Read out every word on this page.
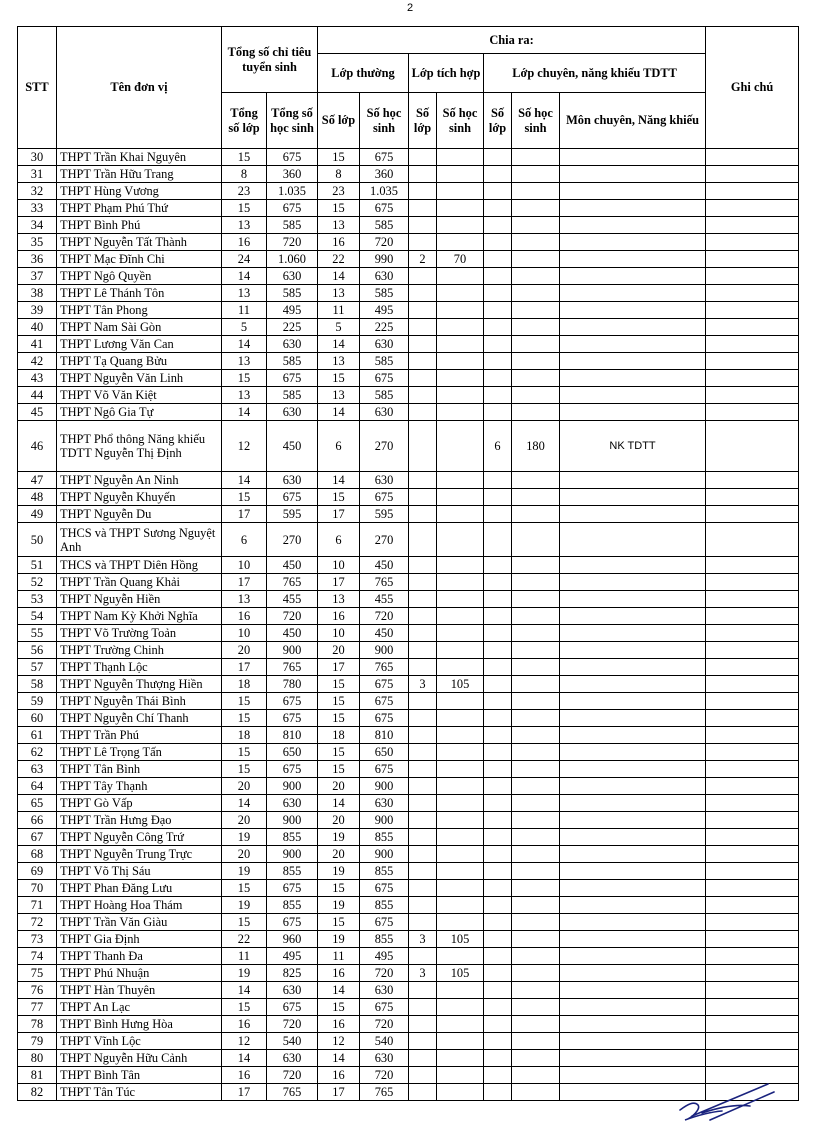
2
STT	Tên đơn vị	Tổng số chỉ tiêu tuyển sinh		Chia ra:							Ghi chú
				Lớp thường		Lớp tích hợp		Lớp chuyên, năng khiếu TDTT			
		Tổng số lớp	Tổng số học sinh	Số lớp	Số học sinh	Số lớp	Số học sinh	Số lớp	Số học sinh	Môn chuyên, Năng khiếu	
30	THPT Trần Khai Nguyên	15	675	15	675						
31	THPT Trần Hữu Trang	8	360	8	360						
32	THPT Hùng Vương	23	1.035	23	1.035						
33	THPT Phạm Phú Thứ	15	675	15	675						
34	THPT Bình Phú	13	585	13	585						
35	THPT Nguyễn Tất Thành	16	720	16	720						
36	THPT Mạc Đĩnh Chi	24	1.060	22	990	2	70				
37	THPT Ngô Quyền	14	630	14	630						
38	THPT Lê Thánh Tôn	13	585	13	585						
39	THPT Tân Phong	11	495	11	495						
40	THPT Nam Sài Gòn	5	225	5	225						
41	THPT Lương Văn Can	14	630	14	630						
42	THPT Tạ Quang Bửu	13	585	13	585						
43	THPT Nguyễn Văn Linh	15	675	15	675						
44	THPT Võ Văn Kiệt	13	585	13	585						
45	THPT Ngô Gia Tự	14	630	14	630						
46	THPT Phổ thông Năng khiếu TDTT Nguyễn Thị Định	12	450	6	270			6	180	NK TDTT	
47	THPT Nguyễn An Ninh	14	630	14	630						
48	THPT Nguyễn Khuyến	15	675	15	675						
49	THPT Nguyễn Du	17	595	17	595						
50	THCS và THPT Sương Nguyệt Anh	6	270	6	270						
51	THCS và THPT Diên Hồng	10	450	10	450						
52	THPT Trần Quang Khải	17	765	17	765						
53	THPT Nguyễn Hiền	13	455	13	455						
54	THPT Nam Kỳ Khởi Nghĩa	16	720	16	720						
55	THPT Võ Trường Toản	10	450	10	450						
56	THPT Trường Chinh	20	900	20	900						
57	THPT Thạnh Lộc	17	765	17	765						
58	THPT Nguyễn Thượng Hiền	18	780	15	675	3	105				
59	THPT Nguyễn Thái Bình	15	675	15	675						
60	THPT Nguyễn Chí Thanh	15	675	15	675						
61	THPT Trần Phú	18	810	18	810						
62	THPT Lê Trọng Tấn	15	650	15	650						
63	THPT Tân Bình	15	675	15	675						
64	THPT Tây Thạnh	20	900	20	900						
65	THPT Gò Vấp	14	630	14	630						
66	THPT Trần Hưng Đạo	20	900	20	900						
67	THPT Nguyễn Công Trứ	19	855	19	855						
68	THPT Nguyễn Trung Trực	20	900	20	900						
69	THPT Võ Thị Sáu	19	855	19	855						
70	THPT Phan Đăng Lưu	15	675	15	675						
71	THPT Hoàng Hoa Thám	19	855	19	855						
72	THPT Trần Văn Giàu	15	675	15	675						
73	THPT Gia Định	22	960	19	855	3	105				
74	THPT Thanh Đa	11	495	11	495						
75	THPT Phú Nhuận	19	825	16	720	3	105				
76	THPT Hàn Thuyên	14	630	14	630						
77	THPT An Lạc	15	675	15	675						
78	THPT Bình Hưng Hòa	16	720	16	720						
79	THPT Vĩnh Lộc	12	540	12	540						
80	THPT Nguyễn Hữu Cảnh	14	630	14	630						
81	THPT Bình Tân	16	720	16	720						
82	THPT Tân Túc	17	765	17	765						
